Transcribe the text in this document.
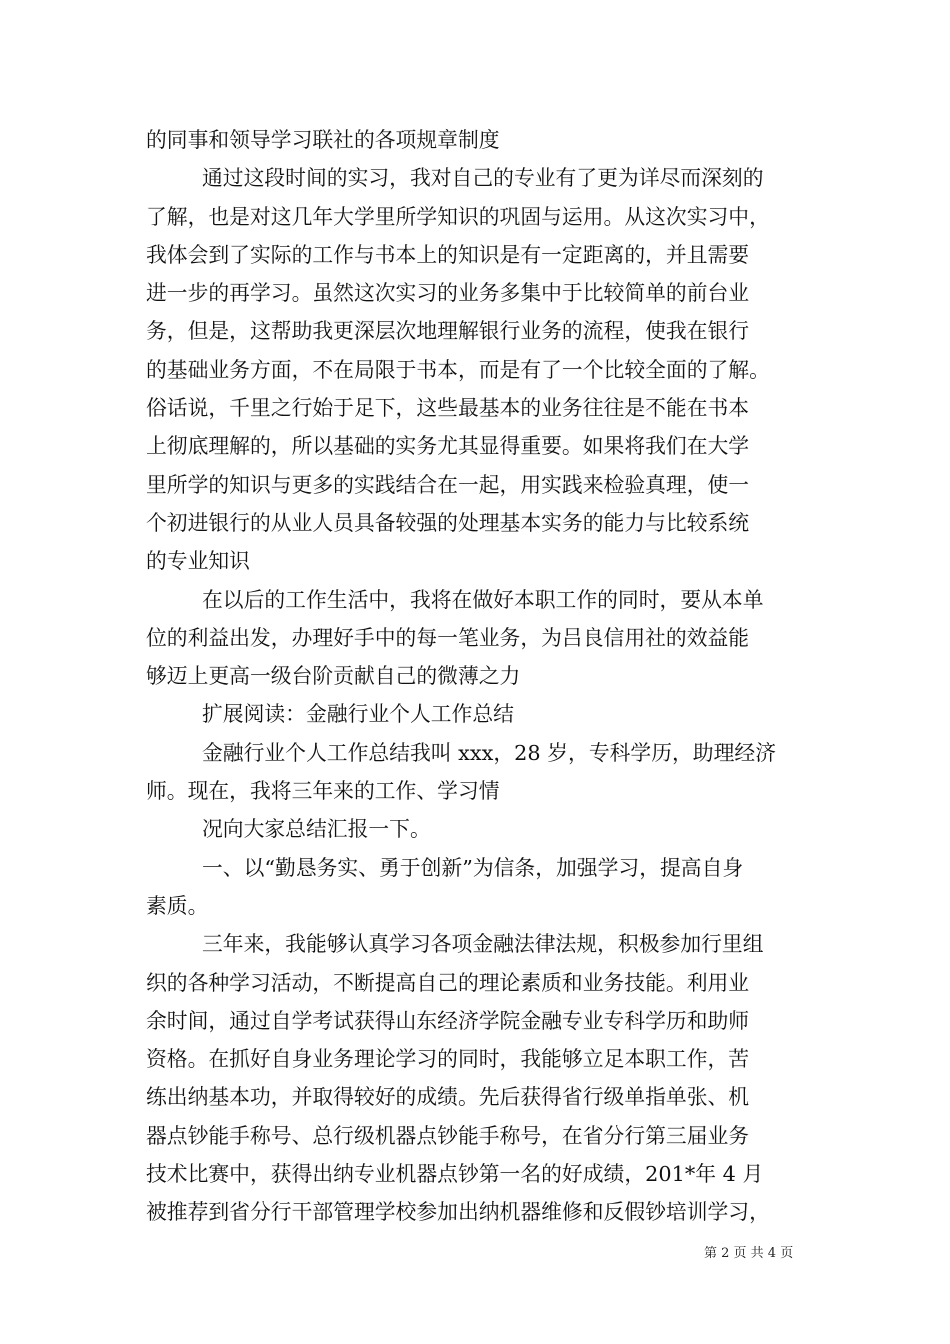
的同事和领导学习联社的各项规章制度
通过这段时间的实习，我对自己的专业有了更为详尽而深刻的
了解，也是对这几年大学里所学知识的巩固与运用。从这次实习中，
我体会到了实际的工作与书本上的知识是有一定距离的，并且需要
进一步的再学习。虽然这次实习的业务多集中于比较简单的前台业
务，但是，这帮助我更深层次地理解银行业务的流程，使我在银行
的基础业务方面，不在局限于书本，而是有了一个比较全面的了解。
俗话说，千里之行始于足下，这些最基本的业务往往是不能在书本
上彻底理解的，所以基础的实务尤其显得重要。如果将我们在大学
里所学的知识与更多的实践结合在一起，用实践来检验真理，使一
个初进银行的从业人员具备较强的处理基本实务的能力与比较系统
的专业知识
在以后的工作生活中，我将在做好本职工作的同时，要从本单
位的利益出发，办理好手中的每一笔业务，为吕良信用社的效益能
够迈上更高一级台阶贡献自己的微薄之力
扩展阅读：金融行业个人工作总结
金融行业个人工作总结我叫 xxx，28 岁，专科学历，助理经济
师。现在，我将三年来的工作、学习情
况向大家总结汇报一下。
一、以“勤恳务实、勇于创新”为信条，加强学习，提高自身
素质。
三年来，我能够认真学习各项金融法律法规，积极参加行里组
织的各种学习活动，不断提高自己的理论素质和业务技能。利用业
余时间，通过自学考试获得山东经济学院金融专业专科学历和助师
资格。在抓好自身业务理论学习的同时，我能够立足本职工作，苦
练出纳基本功，并取得较好的成绩。先后获得省行级单指单张、机
器点钞能手称号、总行级机器点钞能手称号，在省分行第三届业务
技术比赛中，获得出纳专业机器点钞第一名的好成绩，201*年 4 月
被推荐到省分行干部管理学校参加出纳机器维修和反假钞培训学习，
第 2 页 共 4 页
